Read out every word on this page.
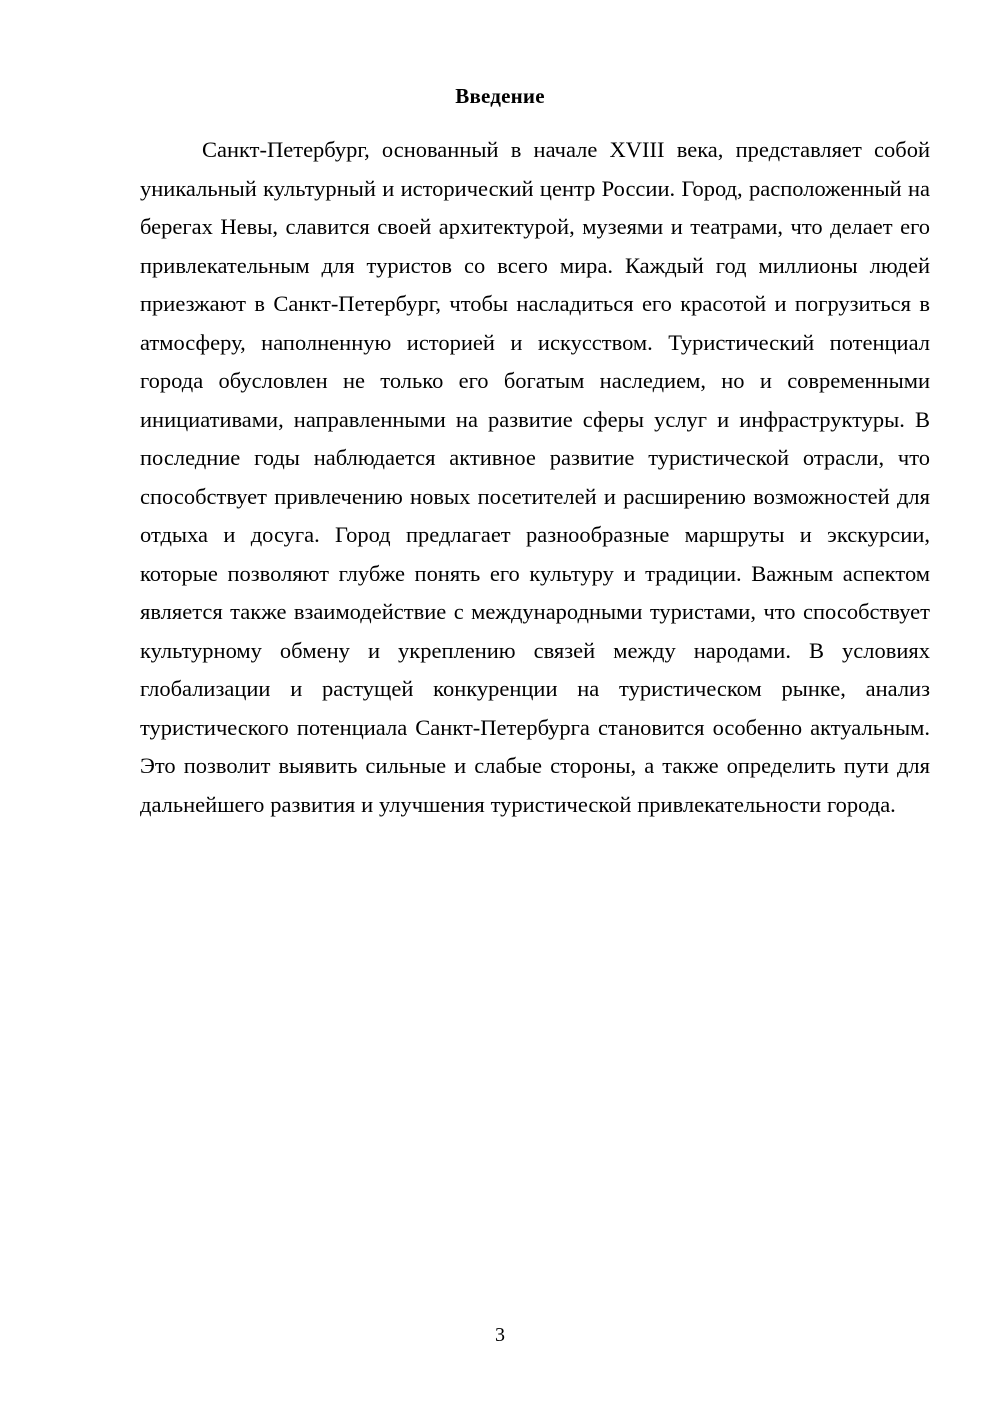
Введение

Санкт-Петербург, основанный в начале XVIII века, представляет собой уникальный культурный и исторический центр России. Город, расположенный на берегах Невы, славится своей архитектурой, музеями и театрами, что делает его привлекательным для туристов со всего мира. Каждый год миллионы людей приезжают в Санкт-Петербург, чтобы насладиться его красотой и погрузиться в атмосферу, наполненную историей и искусством. Туристический потенциал города обусловлен не только его богатым наследием, но и современными инициативами, направленными на развитие сферы услуг и инфраструктуры. В последние годы наблюдается активное развитие туристической отрасли, что способствует привлечению новых посетителей и расширению возможностей для отдыха и досуга. Город предлагает разнообразные маршруты и экскурсии, которые позволяют глубже понять его культуру и традиции. Важным аспектом является также взаимодействие с международными туристами, что способствует культурному обмену и укреплению связей между народами. В условиях глобализации и растущей конкуренции на туристическом рынке, анализ туристического потенциала Санкт-Петербурга становится особенно актуальным. Это позволит выявить сильные и слабые стороны, а также определить пути для дальнейшего развития и улучшения туристической привлекательности города.

3
